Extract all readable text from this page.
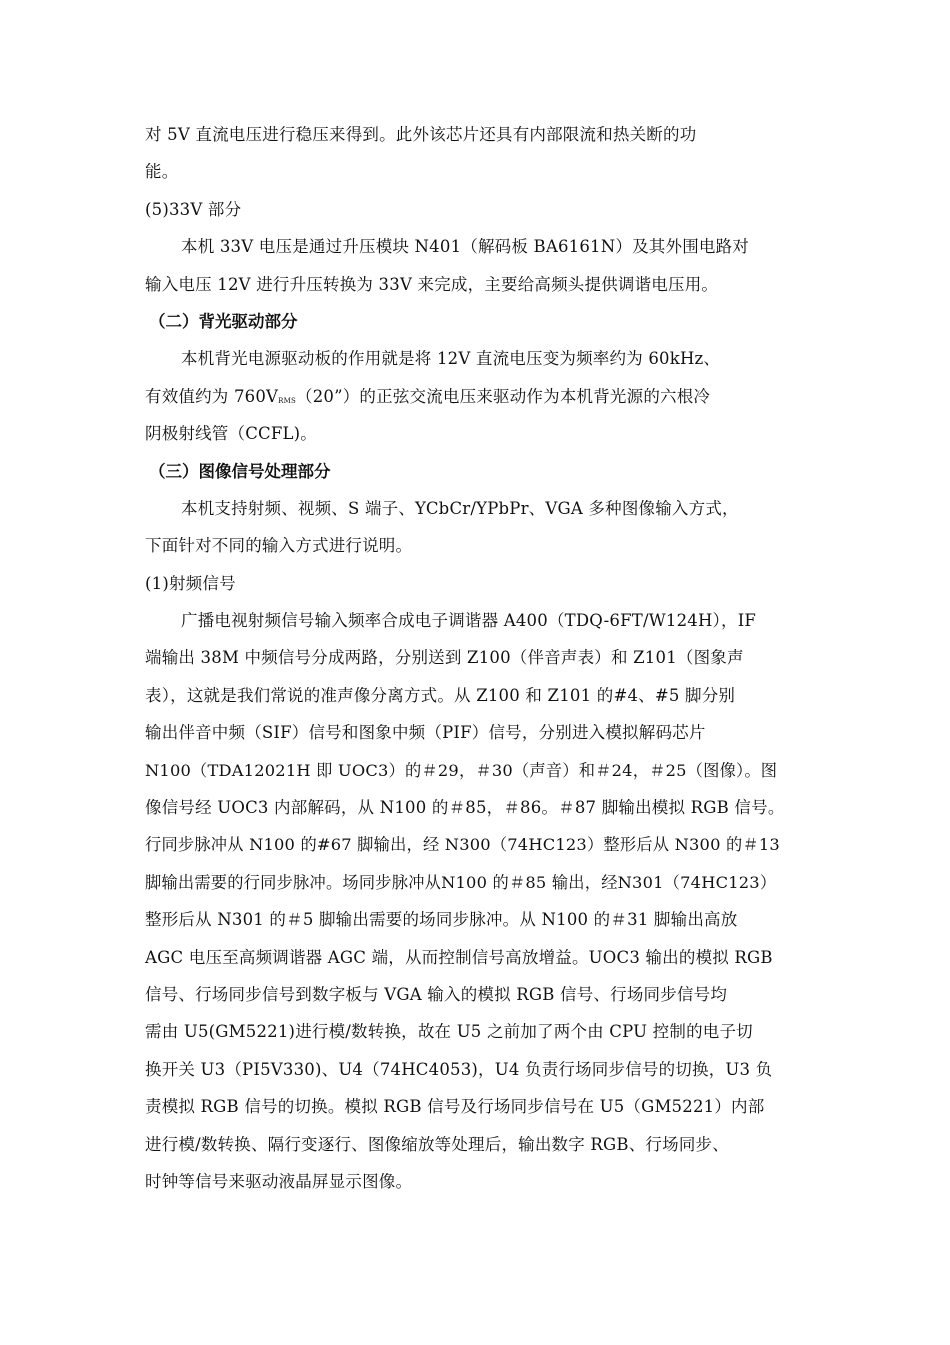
对 5V 直流电压进行稳压来得到。此外该芯片还具有内部限流和热关断的功
能。
(5)33V 部分
本机 33V 电压是通过升压模块 N401（解码板 BA6161N）及其外围电路对
输入电压 12V 进行升压转换为 33V 来完成，主要给高频头提供调谐电压用。
（二）背光驱动部分
本机背光电源驱动板的作用就是将 12V 直流电压变为频率约为 60kHz、
有效值约为 760VRMS（20”）的正弦交流电压来驱动作为本机背光源的六根冷
阴极射线管（CCFL)。
（三）图像信号处理部分
本机支持射频、视频、S 端子、YCbCr/YPbPr、VGA 多种图像输入方式，
下面针对不同的输入方式进行说明。
(1)射频信号
广播电视射频信号输入频率合成电子调谐器 A400（TDQ-6FT/W124H），IF
端输出 38M 中频信号分成两路，分别送到 Z100（伴音声表）和 Z101（图象声
表），这就是我们常说的准声像分离方式。从 Z100 和 Z101 的#4、#5 脚分别
输出伴音中频（SIF）信号和图象中频（PIF）信号，分别进入模拟解码芯片
N100（TDA12021H 即 UOC3）的＃29，＃30（声音）和＃24，＃25（图像）。图
像信号经 UOC3 内部解码，从 N100 的＃85，＃86。＃87 脚输出模拟 RGB 信号。
行同步脉冲从 N100 的#67 脚输出，经 N300（74HC123）整形后从 N300 的＃13
脚输出需要的行同步脉冲。场同步脉冲从N100 的＃85 输出，经N301（74HC123）
整形后从 N301 的＃5 脚输出需要的场同步脉冲。从 N100 的＃31 脚输出高放
AGC 电压至高频调谐器 AGC 端，从而控制信号高放增益。UOC3 输出的模拟 RGB
信号、行场同步信号到数字板与 VGA 输入的模拟 RGB 信号、行场同步信号均
需由 U5(GM5221)进行模/数转换，故在 U5 之前加了两个由 CPU 控制的电子切
换开关 U3（PI5V330)、U4（74HC4053)，U4 负责行场同步信号的切换，U3 负
责模拟 RGB 信号的切换。模拟 RGB 信号及行场同步信号在 U5（GM5221）内部
进行模/数转换、隔行变逐行、图像缩放等处理后，输出数字 RGB、行场同步、
时钟等信号来驱动液晶屏显示图像。
